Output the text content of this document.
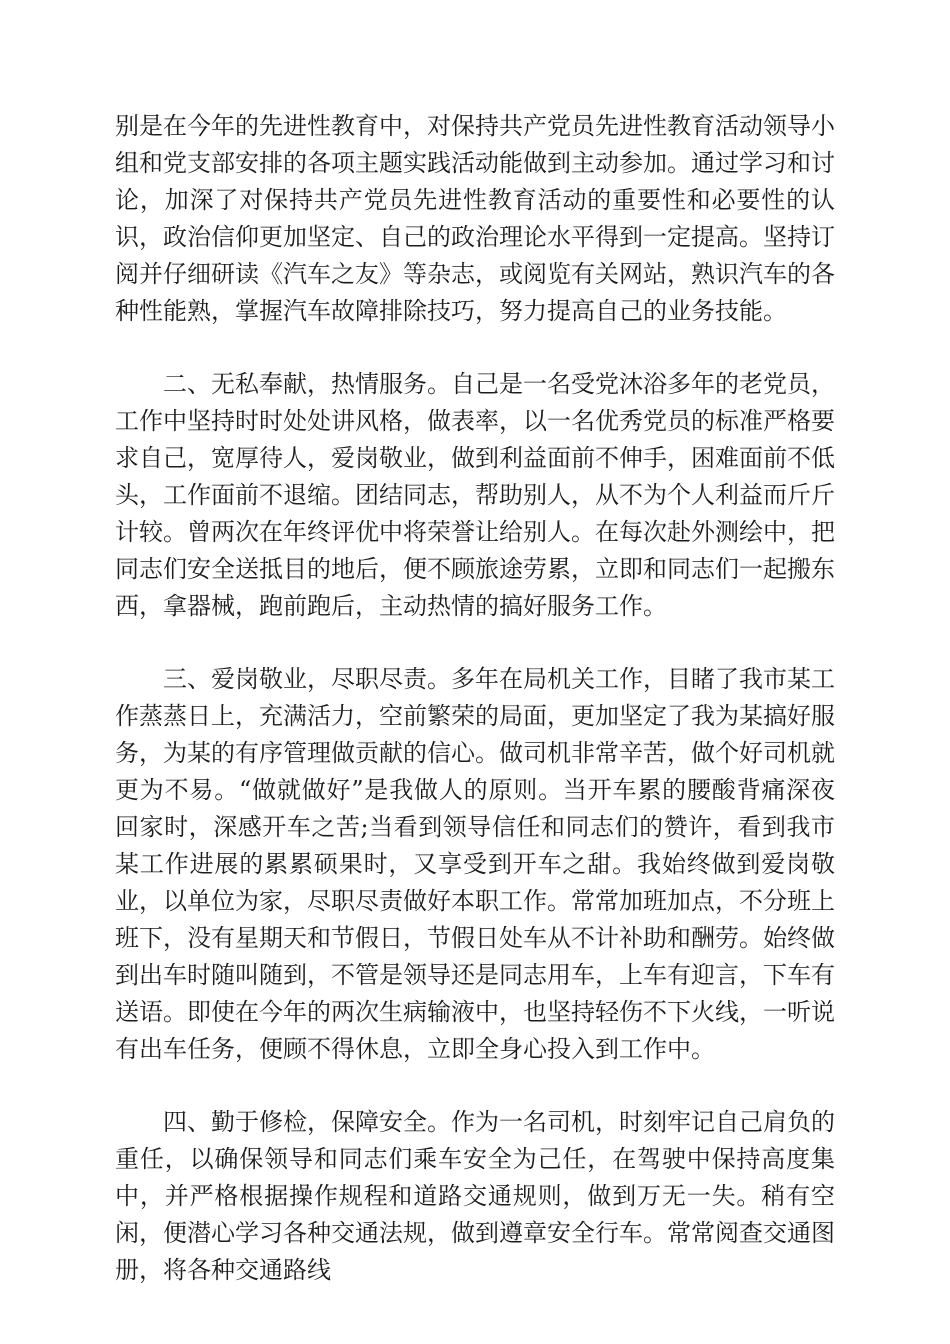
别是在今年的先进性教育中，对保持共产党员先进性教育活动领导小组和党支部安排的各项主题实践活动能做到主动参加。通过学习和讨论，加深了对保持共产党员先进性教育活动的重要性和必要性的认识，政治信仰更加坚定、自己的政治理论水平得到一定提高。坚持订阅并仔细研读《汽车之友》等杂志，或阅览有关网站，熟识汽车的各种性能熟，掌握汽车故障排除技巧，努力提高自己的业务技能。

二、无私奉献，热情服务。自己是一名受党沐浴多年的老党员，工作中坚持时时处处讲风格，做表率，以一名优秀党员的标准严格要求自己，宽厚待人，爱岗敬业，做到利益面前不伸手，困难面前不低头，工作面前不退缩。团结同志，帮助别人，从不为个人利益而斤斤计较。曾两次在年终评优中将荣誉让给别人。在每次赴外测绘中，把同志们安全送抵目的地后，便不顾旅途劳累，立即和同志们一起搬东西，拿器械，跑前跑后，主动热情的搞好服务工作。

三、爱岗敬业，尽职尽责。多年在局机关工作，目睹了我市某工作蒸蒸日上，充满活力，空前繁荣的局面，更加坚定了我为某搞好服务，为某的有序管理做贡献的信心。做司机非常辛苦，做个好司机就更为不易。“做就做好”是我做人的原则。当开车累的腰酸背痛深夜回家时，深感开车之苦;当看到领导信任和同志们的赞许，看到我市某工作进展的累累硕果时，又享受到开车之甜。我始终做到爱岗敬业，以单位为家，尽职尽责做好本职工作。常常加班加点，不分班上班下，没有星期天和节假日，节假日处车从不计补助和酬劳。始终做到出车时随叫随到，不管是领导还是同志用车，上车有迎言，下车有送语。即使在今年的两次生病输液中，也坚持轻伤不下火线，一听说有出车任务，便顾不得休息，立即全身心投入到工作中。

四、勤于修检，保障安全。作为一名司机，时刻牢记自己肩负的重任，以确保领导和同志们乘车安全为己任，在驾驶中保持高度集中，并严格根据操作规程和道路交通规则，做到万无一失。稍有空闲，便潜心学习各种交通法规，做到遵章安全行车。常常阅查交通图册，将各种交通路线
